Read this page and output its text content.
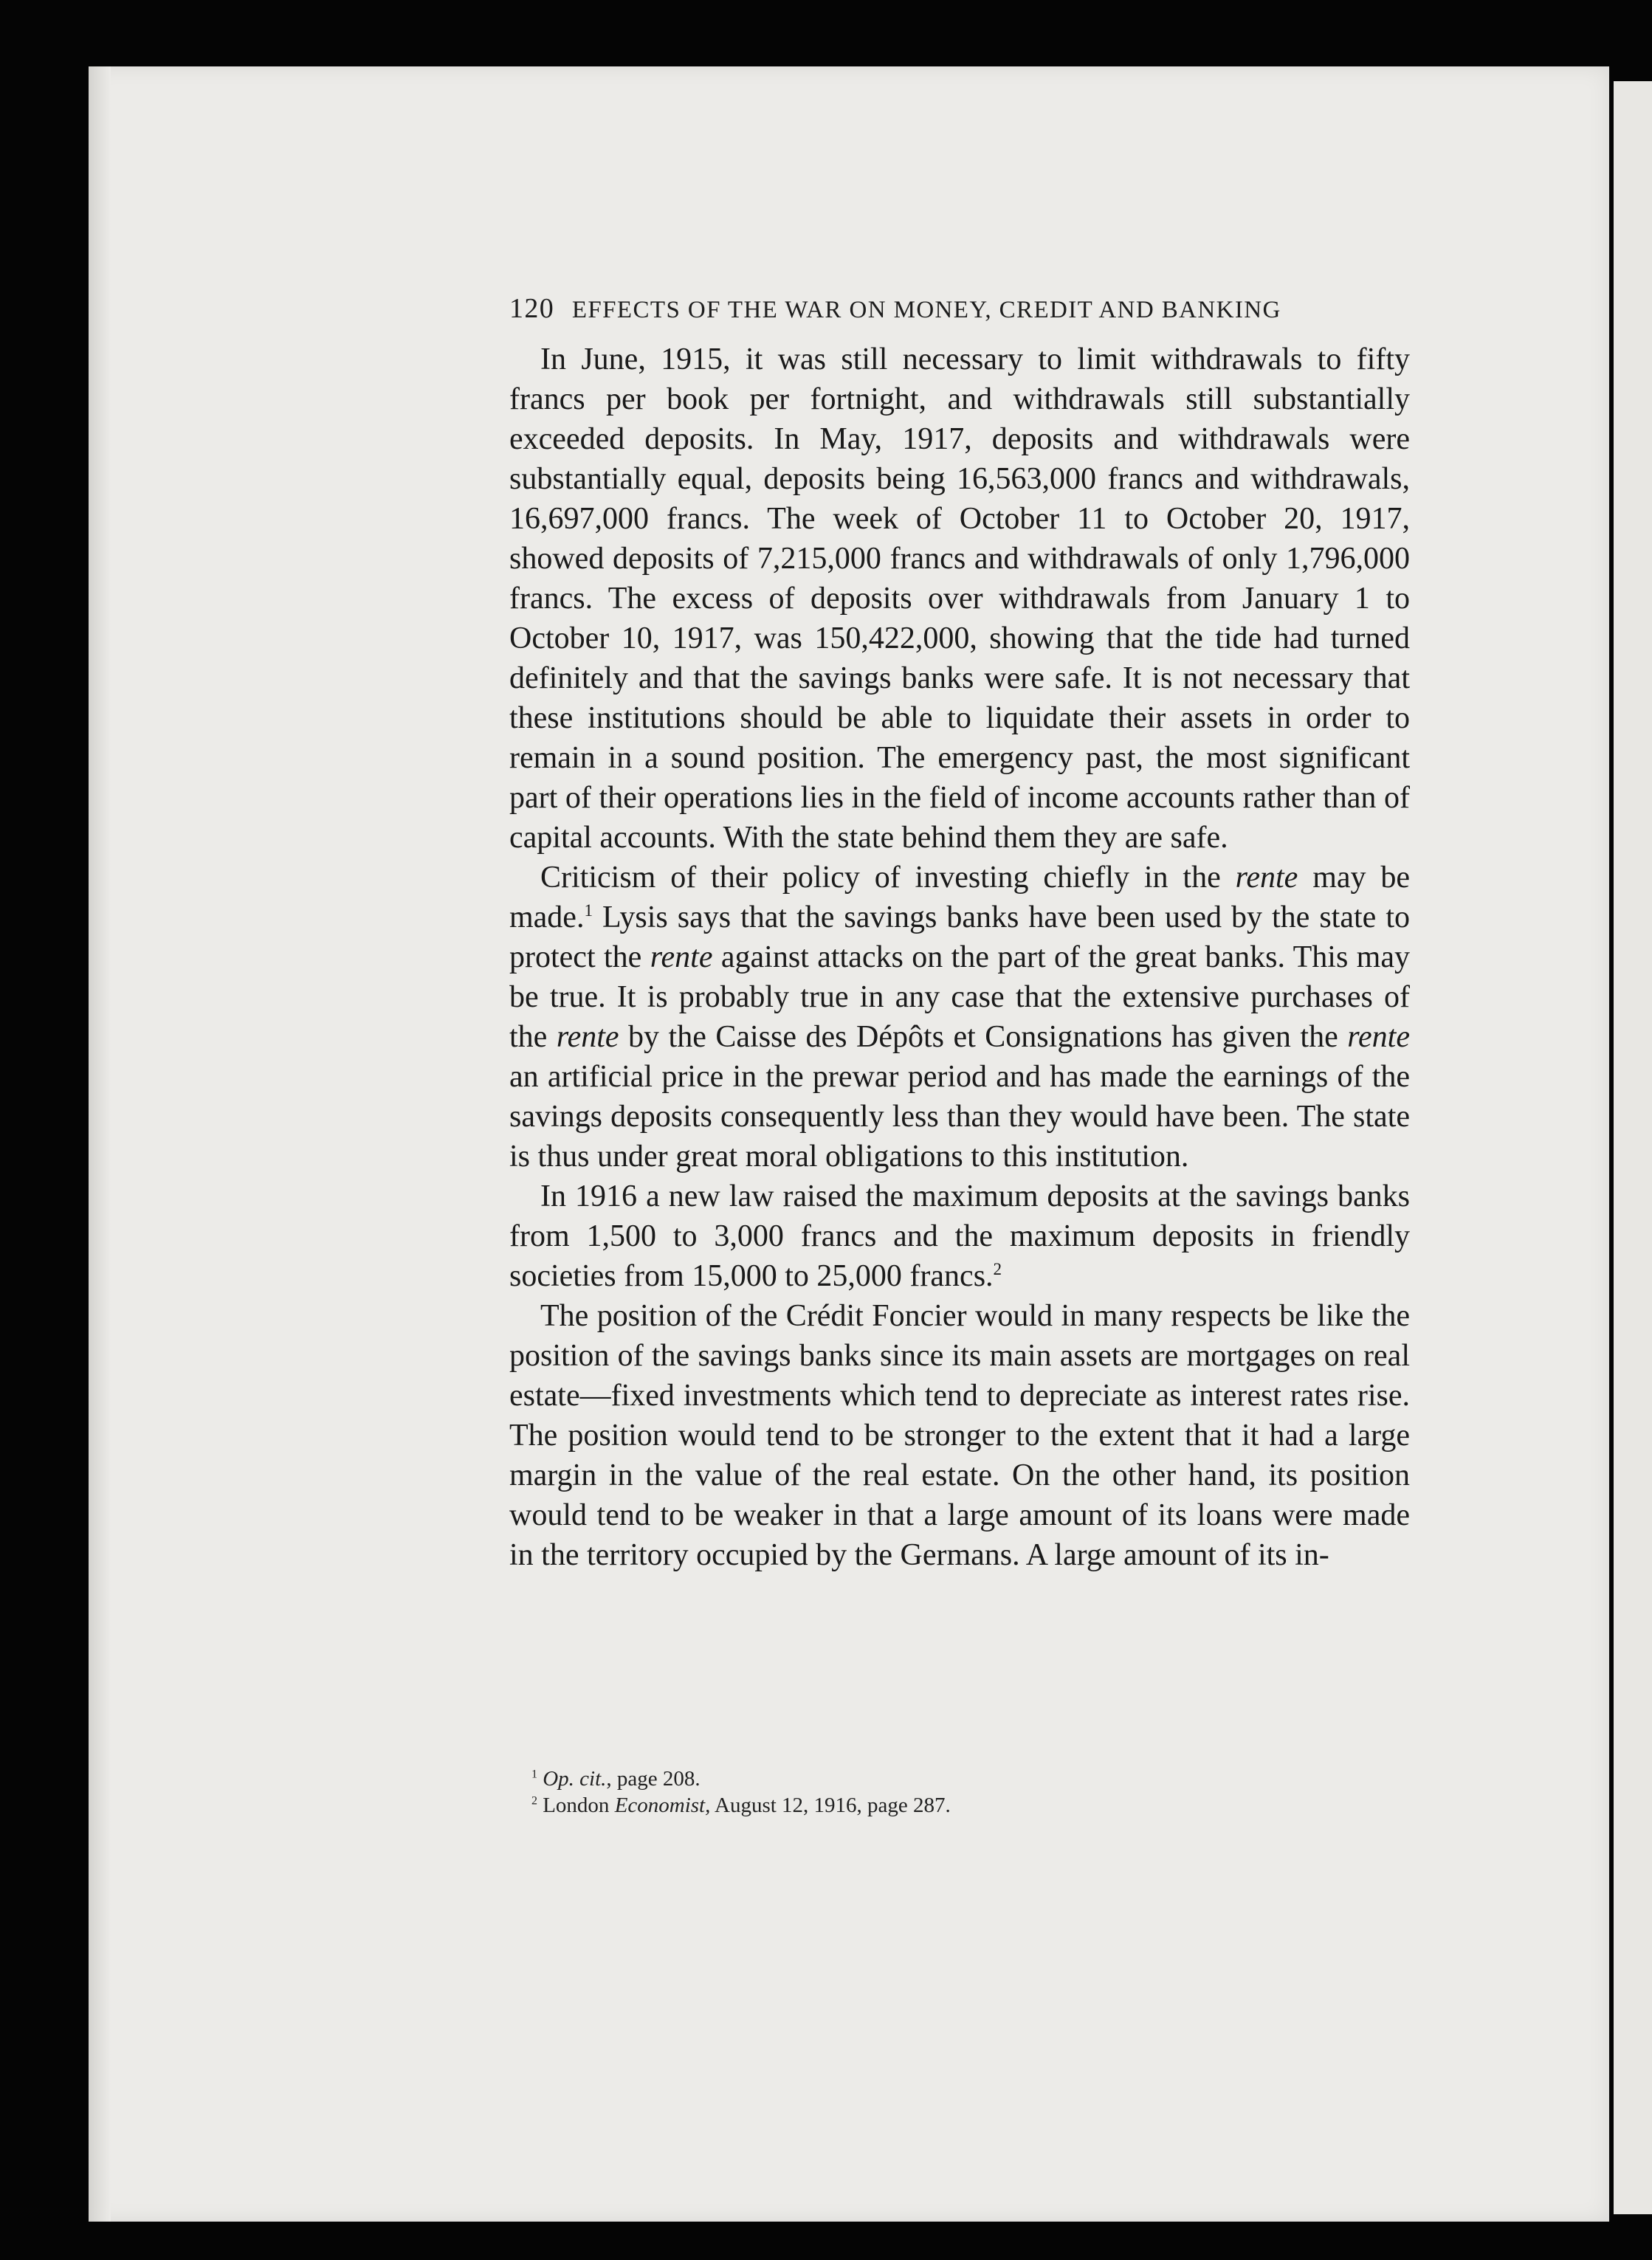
120 EFFECTS OF THE WAR ON MONEY, CREDIT AND BANKING

In June, 1915, it was still necessary to limit withdrawals to fifty francs per book per fortnight, and withdrawals still substantially exceeded deposits. In May, 1917, deposits and withdrawals were substantially equal, deposits being 16,563,000 francs and withdrawals, 16,697,000 francs. The week of October 11 to October 20, 1917, showed deposits of 7,215,000 francs and withdrawals of only 1,796,000 francs. The excess of deposits over withdrawals from January 1 to October 10, 1917, was 150,422,000, showing that the tide had turned definitely and that the savings banks were safe. It is not necessary that these institutions should be able to liquidate their assets in order to remain in a sound position. The emergency past, the most significant part of their operations lies in the field of income accounts rather than of capital accounts. With the state behind them they are safe.

Criticism of their policy of investing chiefly in the rente may be made.$^1$ Lysis says that the savings banks have been used by the state to protect the rente against attacks on the part of the great banks. This may be true. It is probably true in any case that the extensive purchases of the rente by the Caisse des Dépôts et Consignations has given the rente an artificial price in the prewar period and has made the earnings of the savings deposits consequently less than they would have been. The state is thus under great moral obligations to this institution.

In 1916 a new law raised the maximum deposits at the savings banks from 1,500 to 3,000 francs and the maximum deposits in friendly societies from 15,000 to 25,000 francs.$^2$

The position of the Crédit Foncier would in many respects be like the position of the savings banks since its main assets are mortgages on real estate—fixed investments which tend to depreciate as interest rates rise. The position would tend to be stronger to the extent that it had a large margin in the value of the real estate. On the other hand, its position would tend to be weaker in that a large amount of its loans were made in the territory occupied by the Germans. A large amount of its in-

$^1$ Op. cit., page 208.
$^2$ London Economist, August 12, 1916, page 287.
